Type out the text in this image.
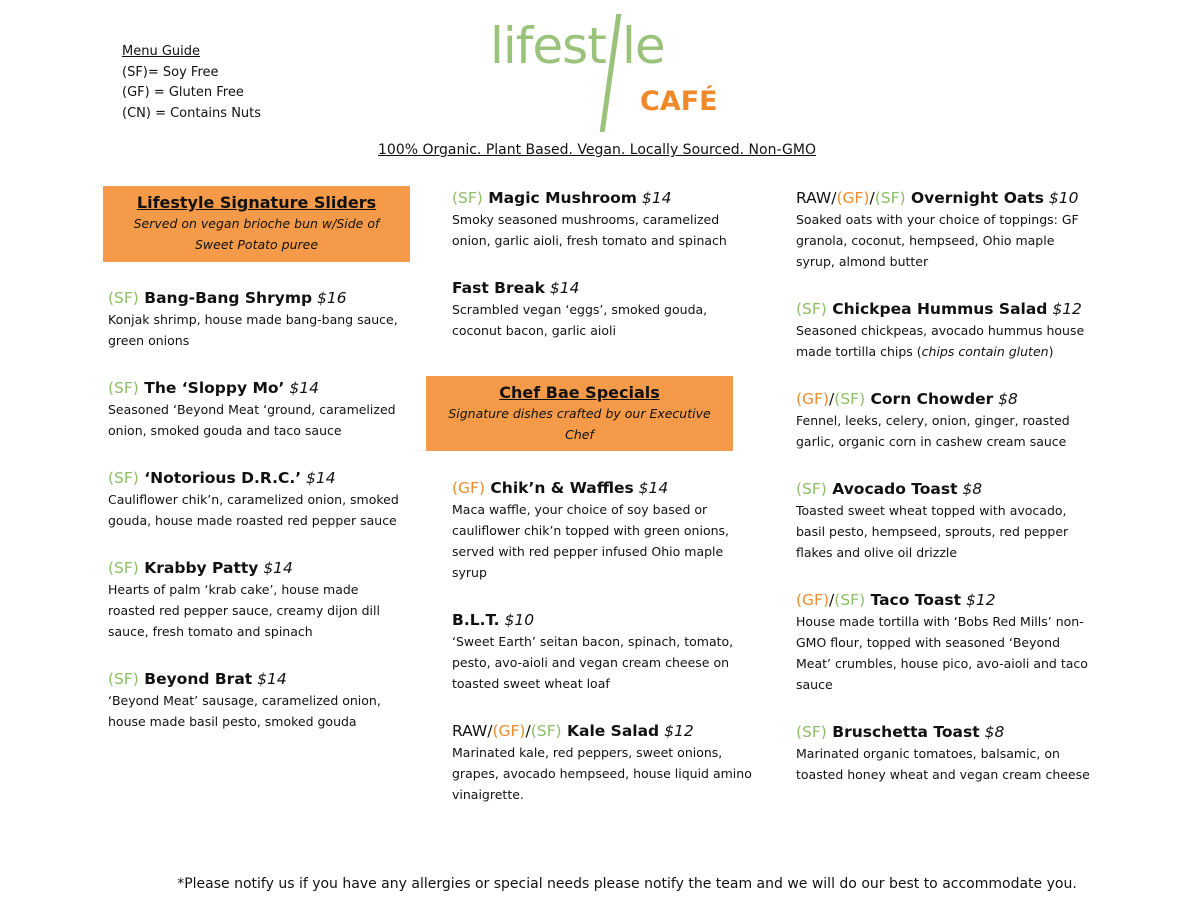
Menu Guide
(SF)= Soy Free
(GF) = Gluten Free
(CN) = Contains Nuts
lifest le
CAFÉ
100% Organic. Plant Based. Vegan. Locally Sourced. Non-GMO
Lifestyle Signature Sliders
Served on vegan brioche bun w/Side of Sweet Potato puree
Chef Bae Specials
Signature dishes crafted by our Executive Chef
(SF) Bang-Bang Shrymp $16
Konjak shrimp, house made bang-bang sauce, green onions
(SF) The ‘Sloppy Mo’ $14
Seasoned ‘Beyond Meat ‘ground, caramelized onion, smoked gouda and taco sauce
(SF) ‘Notorious D.R.C.’ $14
Cauliflower chik’n, caramelized onion, smoked gouda, house made roasted red pepper sauce
(SF) Krabby Patty $14
Hearts of palm ‘krab cake’, house made roasted red pepper sauce, creamy dijon dill sauce, fresh tomato and spinach
(SF) Beyond Brat $14
‘Beyond Meat’ sausage, caramelized onion, house made basil pesto, smoked gouda
(SF) Magic Mushroom $14
Smoky seasoned mushrooms, caramelized onion, garlic aioli, fresh tomato and spinach
Fast Break $14
Scrambled vegan ‘eggs’, smoked gouda, coconut bacon, garlic aioli
(GF) Chik’n & Waffles $14
Maca waffle, your choice of soy based or cauliflower chik’n topped with green onions, served with red pepper infused Ohio maple syrup
B.L.T. $10
‘Sweet Earth’ seitan bacon, spinach, tomato, pesto, avo-aioli and vegan cream cheese on toasted sweet wheat loaf
RAW/(GF)/(SF) Kale Salad $12
Marinated kale, red peppers, sweet onions, grapes, avocado hempseed, house liquid amino vinaigrette.
RAW/(GF)/(SF) Overnight Oats $10
Soaked oats with your choice of toppings: GF granola, coconut, hempseed, Ohio maple syrup, almond butter
(SF) Chickpea Hummus Salad $12
Seasoned chickpeas, avocado hummus house made tortilla chips (chips contain gluten)
(GF)/(SF) Corn Chowder $8
Fennel, leeks, celery, onion, ginger, roasted garlic, organic corn in cashew cream sauce
(SF) Avocado Toast $8
Toasted sweet wheat topped with avocado, basil pesto, hempseed, sprouts, red pepper flakes and olive oil drizzle
(GF)/(SF) Taco Toast $12
House made tortilla with ‘Bobs Red Mills’ non-GMO flour, topped with seasoned ‘Beyond Meat’ crumbles, house pico, avo-aioli and taco sauce
(SF) Bruschetta Toast $8
Marinated organic tomatoes, balsamic, on toasted honey wheat and vegan cream cheese
*Please notify us if you have any allergies or special needs please notify the team and we will do our best to accommodate you.
